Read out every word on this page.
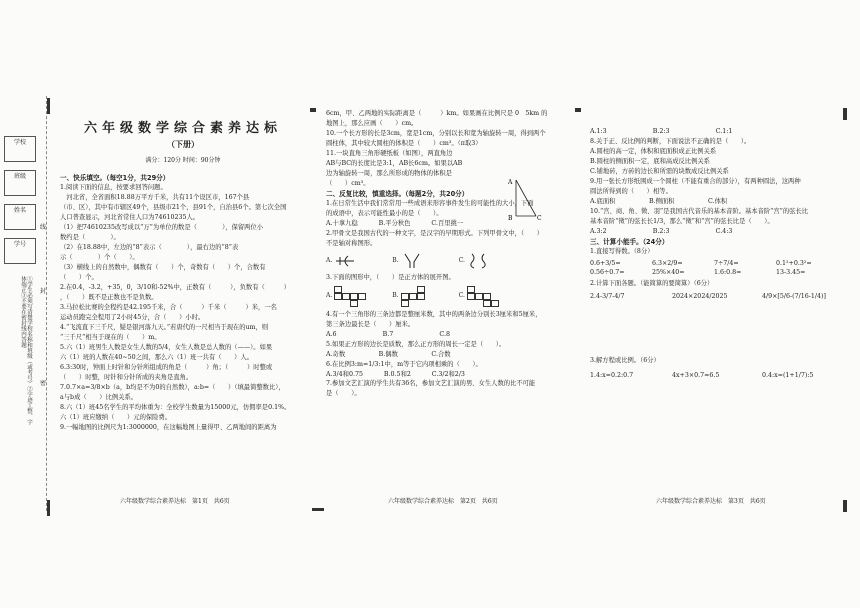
学校
班级
姓名
学号
①学生必须写清楚学校名称和班级（或考号）②字迹工整、字体端正③不要在密封线内答题
线
封
密
六年级数学综合素养达标
（下册）
满分：120分 时间：90分钟

一、快乐填空。（每空1分，共29分）

1.阅读下面的信息，按要求回答问题。

　河北省，全省面积18.88万平方千米，共有11个设区市，167个县

（市、区），其中有市辖区49个，县级市21个，县91个，自治县6个。第七次全国

人口普查显示，河北省常住人口为74610235人。

（1）把74610235改写成以“万”为单位的数是（　　　　），保留两位小

数约是（　　　　）。

（2）在18.88中，左边的“8”表示（　　　　），最右边的“8”表

示（　　　　）个（　　）。

（3）横线上的自然数中，偶数有（　　）个，奇数有（　　）个，合数有

（　　）个。

2.在0.4，-3.2，+35，0，3/10和-52%中，正数有（　　　），负数有（　　　）

，（　　）既不是正数也不是负数。

3.马拉松比赛的全程约是42.195千米，合（　　　）千米（　　　）米，一名

运动员跑完全程用了2小时45分，合（　　）小时。

4.“飞流直下三千尺，疑是银河落九天。”若唐代的一尺相当于现在的um，则

“三千尺”相当于现在的（　　）m。

5.六（1）班男生人数是女生人数的5/4，女生人数是总人数的（——）。如果

六（1）班的人数在40~50之间，那么六（1）班一共有（　　）人。

6.3:30时，钟面上时针和分针所组成的角是（　　　）角；（　　　）时整或

（　　）时整，时针和分针所成的夹角是直角。

7.0.7×a=3/8×b（a，b均是不为0的自然数），a:b=（　　）（填最简整数比），

a与b成（　　）比例关系。

8.六（1）班45名学生的平均体重为：全校学生数量为15000元，仿佣率是0.1%。

六（1）班应缴纳（　　）元的保险费。

9.一幅地图的比例尺为1:3000000，在这幅地图上量得甲、乙两地间的距离为

六年级数学综合素养达标　第1页　共6页

6cm，甲、乙两地的实际距离是（　　　）km。如果画在比例尺是 0　5km 的

地图上，那么应画（　　）cm。

10.一个长方形的长是3cm，宽是1cm，分别以长和宽为轴旋转一周，得到两个

圆柱体，其中较大圆柱的体积是（　　）cm³。（π取3）

11.一块直角三角形硬纸板（如图），两直角边

AB与BC的长度比是3:1，AB长6cm。如果以AB

边为轴旋转一周，那么所形成的物体的体积是

（　　）cm³。

二、反复比较，慎重选择。（每题2分，共20分）

1.在日常生活中我们常常用一些成语来形容事件发生的可能性的大小，下面

的成语中，表示可能性最小的是（　　）。

A.十拿九稳　　　	B.平分秋色　　　	C.百里挑一

2.甲骨文是我国古代的一种文字，是汉字的早期形式。下列甲骨文中，（　　）

不是轴对称图形。

A.	B.	C.

3.下面的图形中，（　　）是正方体的展开图。

A.	B.	C.

4.有一个三角形的三条边都是整厘米数，其中的两条边分别长3厘米和5厘米，

第三条边最长是（　　）厘米。

A.6　　　　　　　	B.7　　　　　　　	C.8

5.如果正方形的边长是质数，那么正方形的周长一定是（　　）。

A.奇数　　　　　	B.偶数　　　　　	C.合数

6.在比例3:m=1/3:1中，m等于它内项相乘的（　　）。

A.3/4和0.75　　　	B.0.5和2　　　	C.3/2和2/3

7.参加文艺汇演的学生共有36名，参加文艺汇演的男、女生人数的比不可能

是（　　）。

A
B	C
六年级数学综合素养达标　第2页　共6页

A.1:3　　　　　　　	B.2:3　　　　　　　	C.1:1

8.关于正、反比例的判断，下面说法不正确的是（　　）。

A.圆柱的高一定，体积和底面积成正比例关系

B.圆柱的侧面积一定，底和高成反比例关系

C.铺地砖，方砖的边长和所需的块数成反比例关系

9.用一张长方形纸围成一个圆柱（不能有重合的部分），有两种圆法，这两种

圆法所得到的（　　）相等。

A.底面积　　　　　	B.侧面积　　　　　	C.体积

10.“宫、商、角、徵、羽”是我国古代音乐的基本音阶。基本音阶“宫”的弦长比

基本音阶“徵”的弦长长1/3，那么“徵”和“宫”的弦长比是（　　）。

A.3:2　　　　　　　	B.2:3　　　　　　　	C.4:3

三、计算小能手。（24分）

1.直接写得数。（8分）

0.6+3/5=	6.3×2/9=	7÷7/4=	0.1²+0.3²=
0.56÷0.7=	25%×40=	1.6:0.8=	13-3.45=

2.计算下面各题。（能简算的要简算）（6分）

2.4-3/7-4/7	2024×2024/2025	4/9×[5/6-(7/16-1/4)]

3.解方程或比例。（6分）

1.4:x=0.2:0.7	4x+3×0.7=6.5	0.4:x=(1+1/7):5
六年级数学综合素养达标　第3页　共6页
